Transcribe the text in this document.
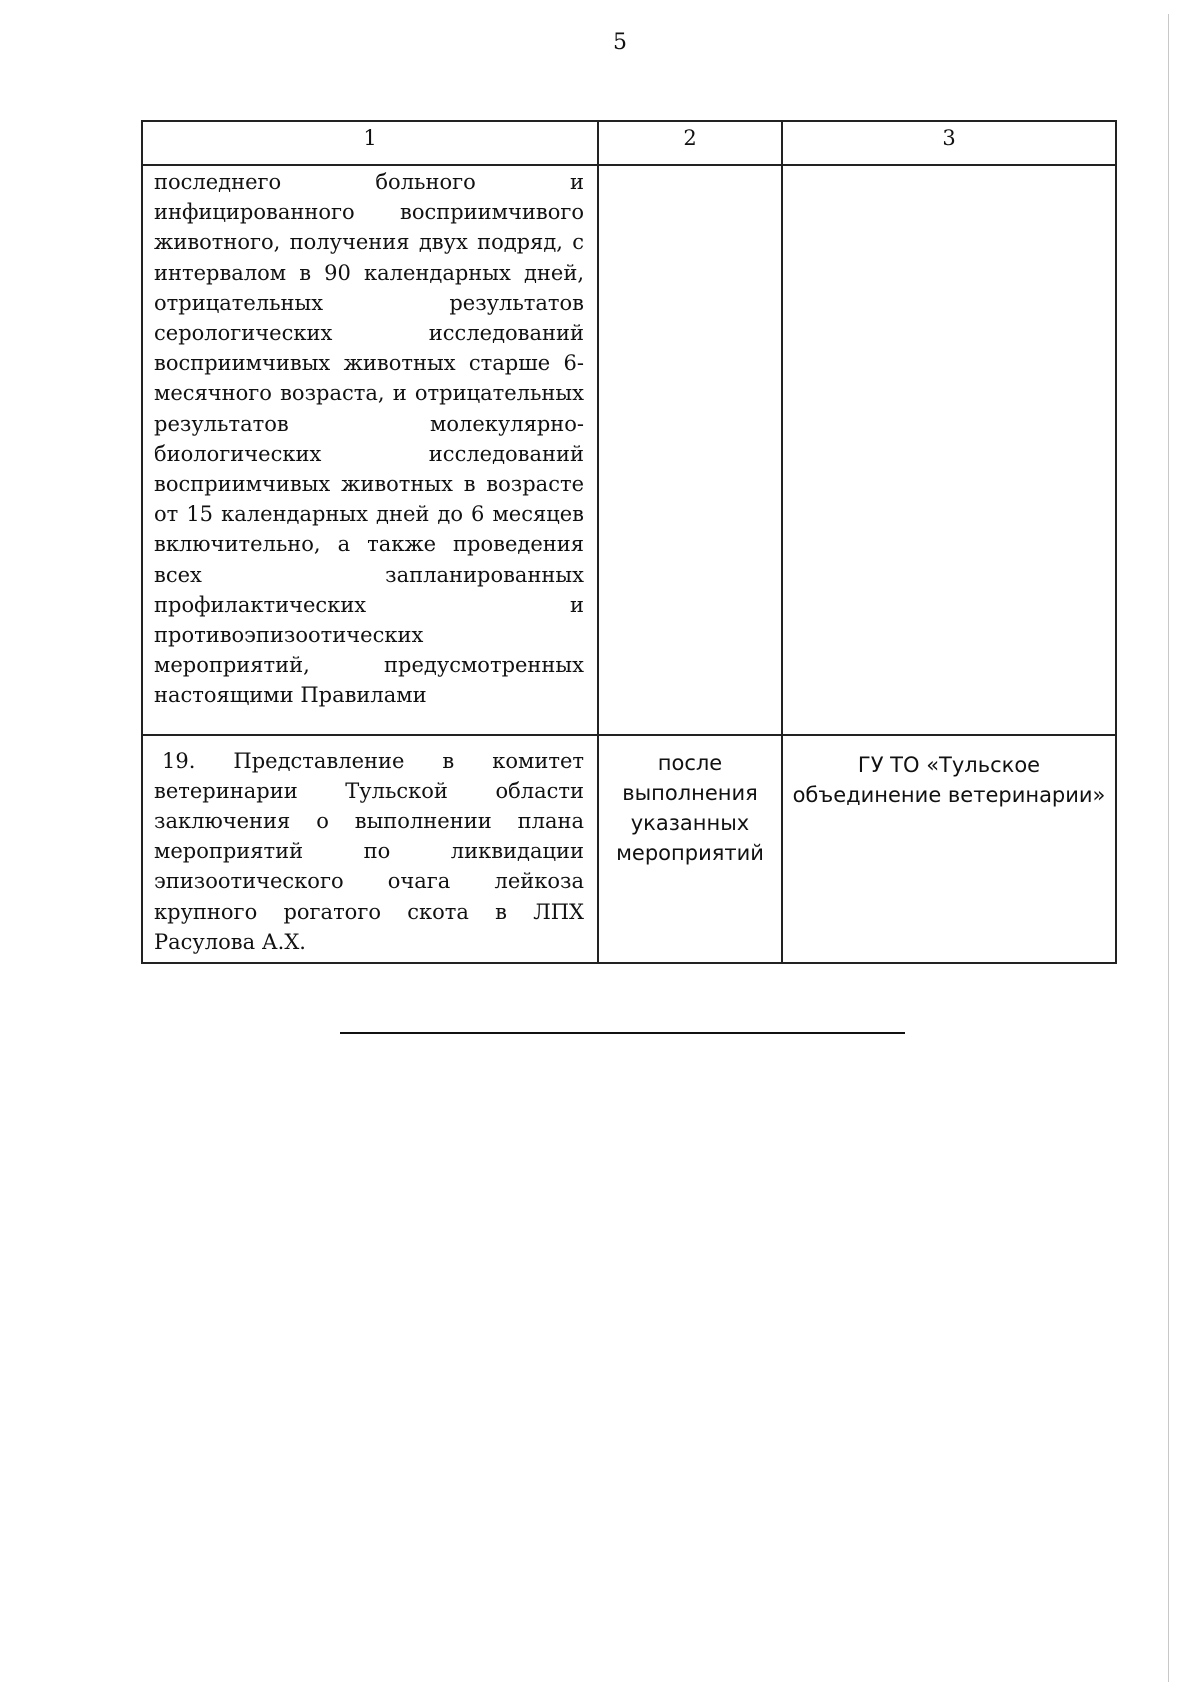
5
1	2	3

последнего больного и инфицированного восприимчивого животного, получения двух подряд, с интервалом в 90 календарных дней, отрицательных результатов серологических исследований восприимчивых животных старше 6-месячного возраста, и отрицательных результатов молекулярно-биологических исследований восприимчивых животных в возрасте от 15 календарных дней до 6 месяцев включительно, а также проведения всех запланированных профилактических и противоэпизоотических мероприятий, предусмотренных настоящими Правилами		

19. Представление в комитет ветеринарии Тульской области заключения о выполнении плана мероприятий по ликвидации эпизоотического очага лейкоза крупного рогатого скота в ЛПХ Расулова А.Х.	после выполнения указанных мероприятий	ГУ ТО «Тульское объединение ветеринарии»
